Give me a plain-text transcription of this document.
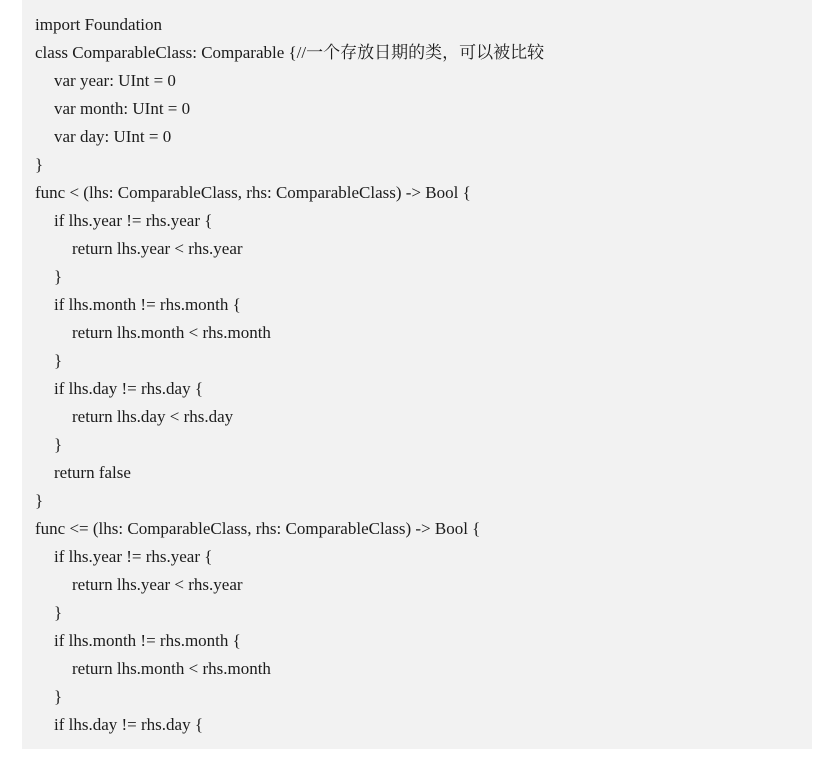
import Foundation
class ComparableClass: Comparable {//一个存放日期的类，可以被比较
var year: UInt = 0
var month: UInt = 0
var day: UInt = 0
}
func < (lhs: ComparableClass, rhs: ComparableClass) -> Bool {
if lhs.year != rhs.year {
return lhs.year < rhs.year
}
if lhs.month != rhs.month {
return lhs.month < rhs.month
}
if lhs.day != rhs.day {
return lhs.day < rhs.day
}
return false
}
func <= (lhs: ComparableClass, rhs: ComparableClass) -> Bool {
if lhs.year != rhs.year {
return lhs.year < rhs.year
}
if lhs.month != rhs.month {
return lhs.month < rhs.month
}
if lhs.day != rhs.day {
